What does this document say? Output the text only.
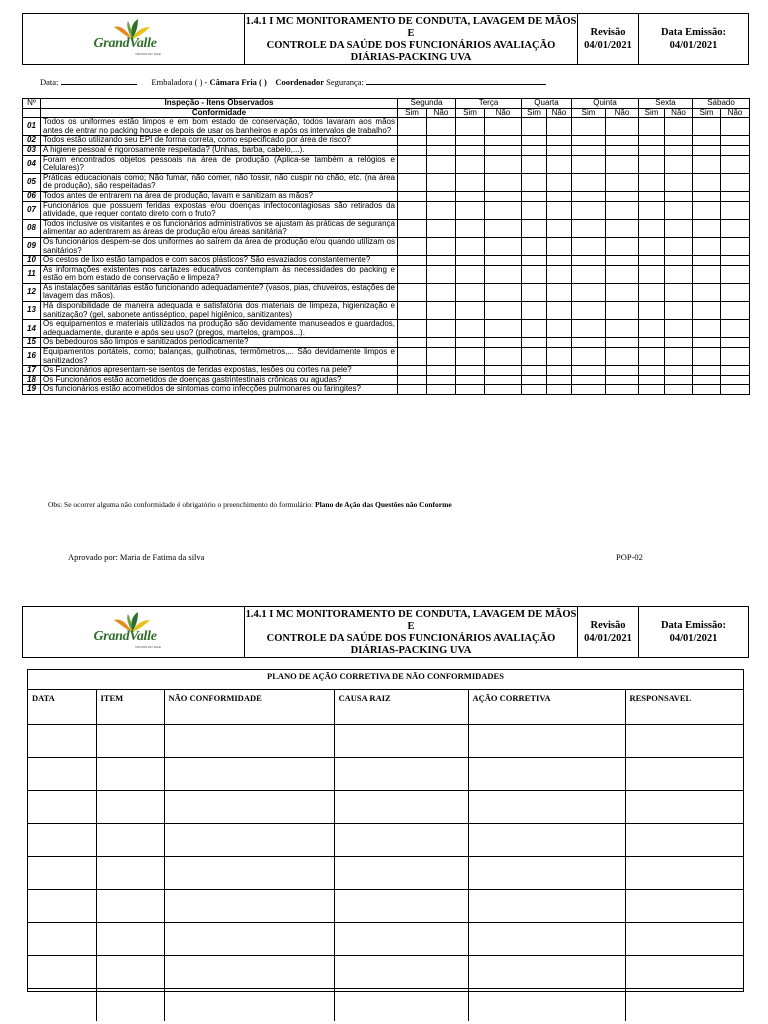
GrandValle
FRUTAS DO VALE
1.4.1 I MC MONITORAMENTO DE CONDUTA, LAVAGEM DE MÃOS E
CONTROLE DA SAÚDE DOS FUNCIONÁRIOS AVALIAÇÃO DIÁRIAS-PACKING UVA
Revisão
04/01/2021
Data Emissão:
04/01/2021
Data:	Embaladora ( ) - Câmara Fria ( ) Coordenador Segurança:
Nº	Inspeção - Itens Observados	Segunda		Terça		Quarta		Quinta		Sexta		Sábado	
	Conformidade	Sim	Não	Sim	Não	Sim	Não	Sim	Não	Sim	Não	Sim	Não
01	Todos os uniformes estão limpos e em bom estado de conservação, todos lavaram aos mãos antes de entrar no packing house e depois de usar os banheiros e após os intervalos de trabalho?												
02	Todos estão utilizando seu EPI de forma correta, como especificado por área de risco?												
03	A higiene pessoal é rigorosamente respeitada? (Unhas, barba, cabelo,...).												
04	Foram encontrados objetos pessoais na área de produção (Aplica-se também a relógios e Celulares)?												
05	Práticas educacionais como; Não fumar, não comer, não tossir, não cuspir no chão, etc. (na área de produção), são respeitadas?												
06	Todos antes de entrarem na área de produção, lavam e sanitizam as mãos?												
07	Funcionários que possuem feridas expostas e/ou doenças infectocontagiosas são retirados da atividade, que requer contato direto com o fruto?												
08	Todos inclusive os visitantes e os funcionários administrativos se ajustam às práticas de segurança alimentar ao adentrarem as áreas de produção e/ou áreas sanitária?												
09	Os funcionários despem-se dos uniformes ao saírem da área de produção e/ou quando utilizam os sanitários?												
10	Os cestos de lixo estão tampados e com sacos plásticos? São esvaziados constantemente?												
11	As informações existentes nos cartazes educativos contemplam às necessidades do packing e estão em bom estado de conservação e limpeza?												
12	As instalações sanitárias estão funcionando adequadamente? (vasos, pias, chuveiros, estações de lavagem das mãos).												
13	Há disponibilidade de maneira adequada e satisfatória dos materiais de limpeza, higienização e sanitização? (gel, sabonete antisséptico, papel higiênico, sanitizantes)												
14	Os equipamentos e materiais utilizados na produção são devidamente manuseados e guardados, adequadamente, durante e após seu uso? (pregos, martelos, grampos...).												
15	Os bebedouros são limpos e sanitizados periodicamente?												
16	Equipamentos portáteis, como; balanças, guilhotinas, termômetros,... São devidamente limpos e sanitizados?												
17	Os Funcionários apresentam-se isentos de feridas expostas, lesões ou cortes na pele?												
18	Os Funcionários estão acometidos de doenças gastrintestinais crônicas ou agudas?												
19	Os funcionários estão acometidos de sintomas como infecções pulmonares ou faringites?												
Obs: Se ocorrer alguma não conformidade é obrigatório o preenchimento do formulário: Plano de Ação das Questões não Conforme
Aprovado por: Maria de Fatima da silva	POP-02
GrandValle
FRUTAS DO VALE
1.4.1 I MC MONITORAMENTO DE CONDUTA, LAVAGEM DE MÃOS E
CONTROLE DA SAÚDE DOS FUNCIONÁRIOS AVALIAÇÃO DIÁRIAS-PACKING UVA
Revisão
04/01/2021
Data Emissão:
04/01/2021
PLANO DE AÇÃO CORRETIVA DE NÃO CONFORMIDADES
DATA	ITEM	NÃO CONFORMIDADE	CAUSA RAIZ	AÇÃO CORRETIVA	RESPONSAVEL
